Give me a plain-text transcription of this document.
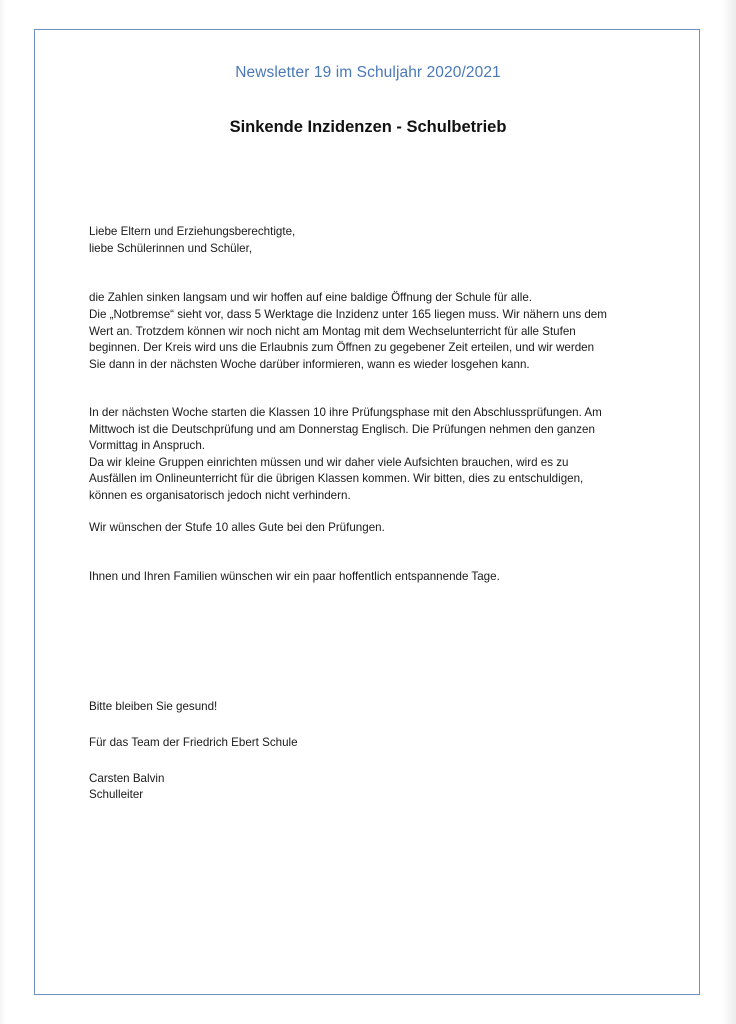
Newsletter 19 im Schuljahr 2020/2021
Sinkende Inzidenzen - Schulbetrieb
Liebe Eltern und Erziehungsberechtigte,
liebe Schülerinnen und Schüler,
die Zahlen sinken langsam und wir hoffen auf eine baldige Öffnung der Schule für alle.
Die „Notbremse“ sieht vor, dass 5 Werktage die Inzidenz unter 165 liegen muss. Wir nähern uns dem
Wert an. Trotzdem können wir noch nicht am Montag mit dem Wechselunterricht für alle Stufen
beginnen. Der Kreis wird uns die Erlaubnis zum Öffnen zu gegebener Zeit erteilen, und wir werden
Sie dann in der nächsten Woche darüber informieren, wann es wieder losgehen kann.
In der nächsten Woche starten die Klassen 10 ihre Prüfungsphase mit den Abschlussprüfungen. Am
Mittwoch ist die Deutschprüfung und am Donnerstag Englisch. Die Prüfungen nehmen den ganzen
Vormittag in Anspruch.
Da wir kleine Gruppen einrichten müssen und wir daher viele Aufsichten brauchen, wird es zu
Ausfällen im Onlineunterricht für die übrigen Klassen kommen. Wir bitten, dies zu entschuldigen,
können es organisatorisch jedoch nicht verhindern.
Wir wünschen der Stufe 10 alles Gute bei den Prüfungen.
Ihnen und Ihren Familien wünschen wir ein paar hoffentlich entspannende Tage.
Bitte bleiben Sie gesund!
Für das Team der Friedrich Ebert Schule
Carsten Balvin
Schulleiter
